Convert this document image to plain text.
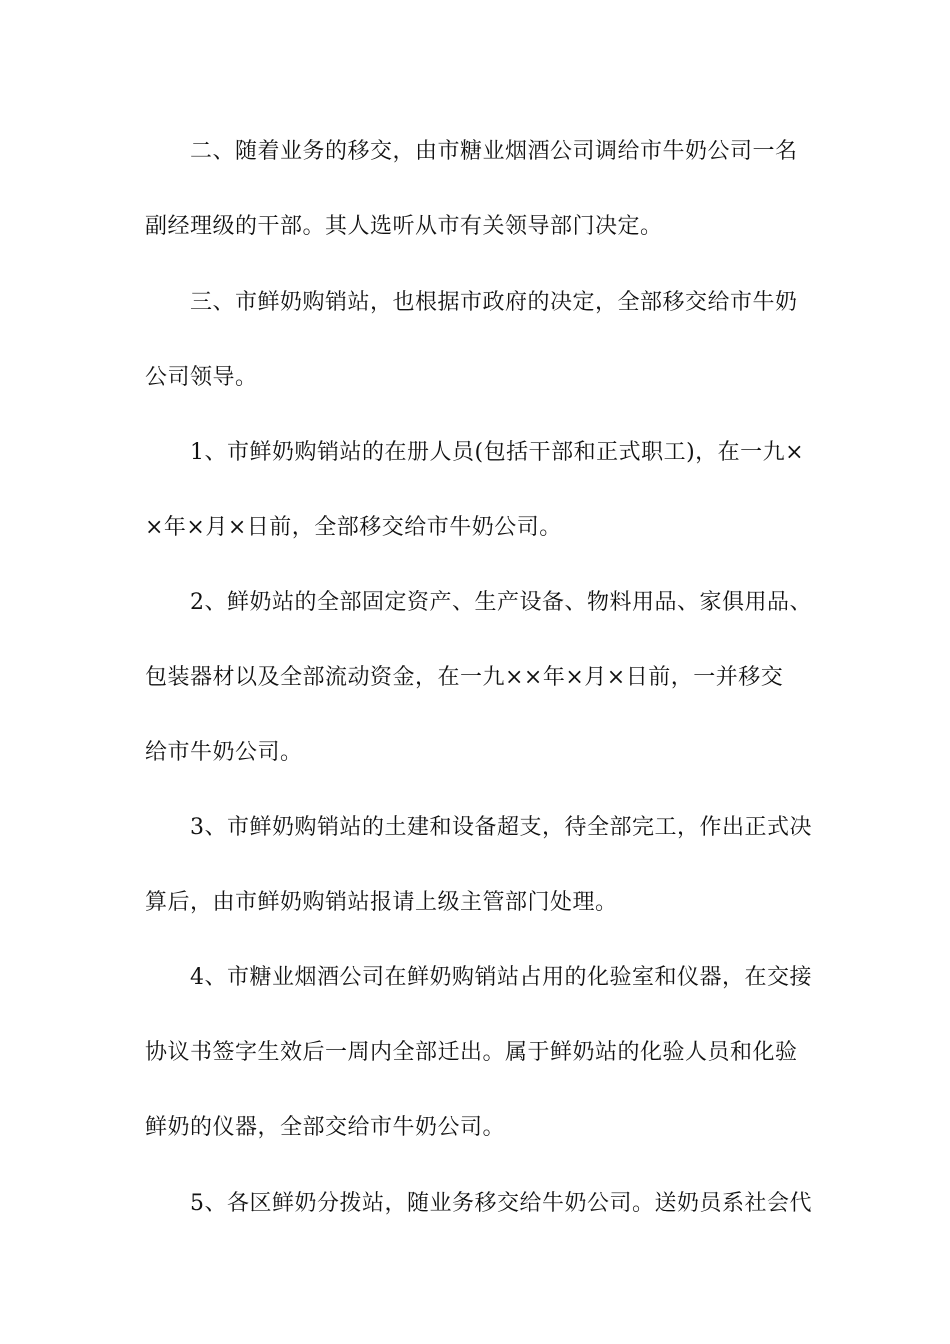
二、随着业务的移交，由市糖业烟酒公司调给市牛奶公司一名
副经理级的干部。其人选听从市有关领导部门决定。
三、市鲜奶购销站，也根据市政府的决定，全部移交给市牛奶
公司领导。
1、市鲜奶购销站的在册人员(包括干部和正式职工)，在一九×
×年×月×日前，全部移交给市牛奶公司。
2、鲜奶站的全部固定资产、生产设备、物料用品、家俱用品、
包装器材以及全部流动资金，在一九××年×月×日前，一并移交
给市牛奶公司。
3、市鲜奶购销站的土建和设备超支，待全部完工，作出正式决
算后，由市鲜奶购销站报请上级主管部门处理。
4、市糖业烟酒公司在鲜奶购销站占用的化验室和仪器，在交接
协议书签字生效后一周内全部迁出。属于鲜奶站的化验人员和化验
鲜奶的仪器，全部交给市牛奶公司。
5、各区鲜奶分拨站，随业务移交给牛奶公司。送奶员系社会代
